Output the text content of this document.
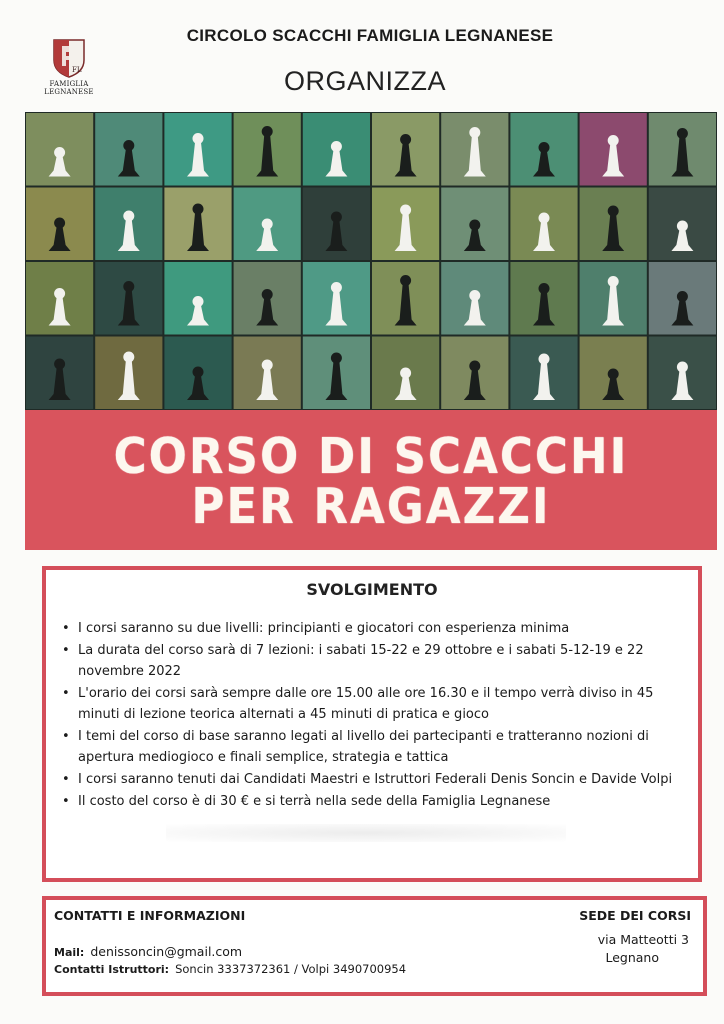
FL
FAMIGLIA LEGNANESE
CIRCOLO SCACCHI FAMIGLIA LEGNANESE
ORGANIZZA
CORSO DI SCACCHI
PER RAGAZZI
SVOLGIMENTO
• I corsi saranno su due livelli: principianti e giocatori con esperienza minima
• La durata del corso sarà di 7 lezioni: i sabati 15-22 e 29 ottobre e i sabati 5-12-19 e 22 novembre 2022
• L'orario dei corsi sarà sempre dalle ore 15.00 alle ore 16.30 e il tempo verrà diviso in 45 minuti di lezione teorica alternati a 45 minuti di pratica e gioco
• I temi del corso di base saranno legati al livello dei partecipanti e tratteranno nozioni di apertura mediogioco e finali semplice, strategia e tattica
• I corsi saranno tenuti dai Candidati Maestri e Istruttori Federali Denis Soncin e Davide Volpi
• Il costo del corso è di 30 € e si terrà nella sede della Famiglia Legnanese
CONTATTI E INFORMAZIONI
Mail: denissoncin@gmail.com
Contatti Istruttori: Soncin 3337372361 / Volpi 3490700954
SEDE DEI CORSI
via Matteotti 3
Legnano
